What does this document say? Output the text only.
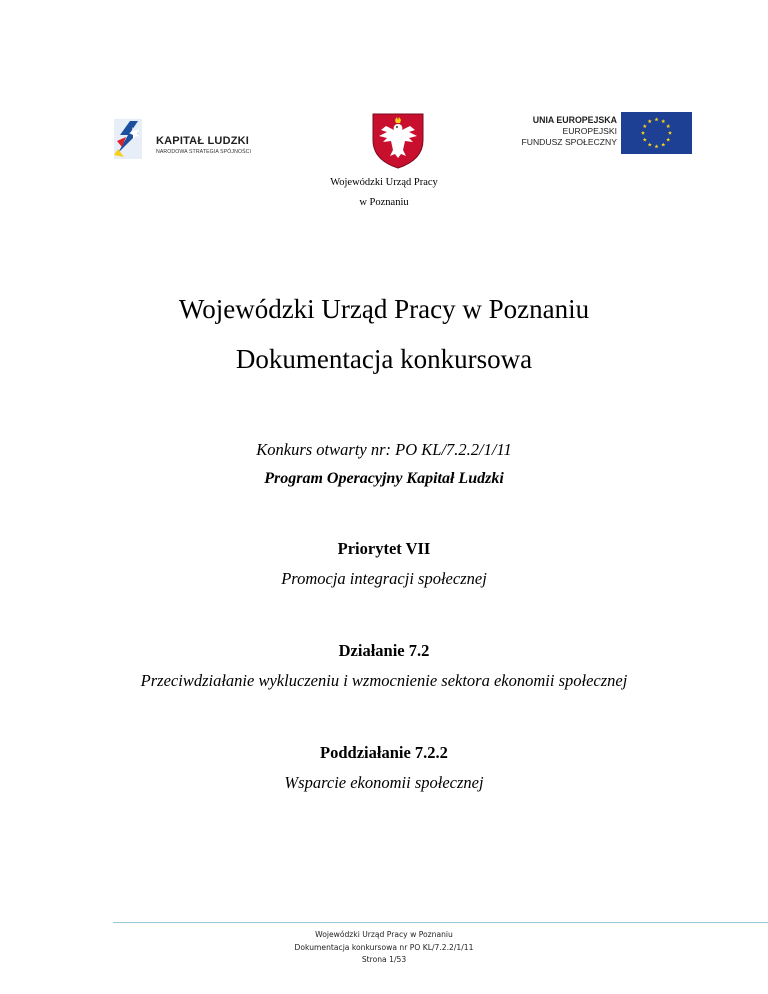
KAPITAŁ LUDZKI
NARODOWA STRATEGIA SPÓJNOŚCI
UNIA EUROPEJSKA
EUROPEJSKI
FUNDUSZ SPOŁECZNY
Wojewódzki Urząd Pracy
w Poznaniu
Wojewódzki Urząd Pracy w Poznaniu
Dokumentacja konkursowa
Konkurs otwarty nr: PO KL/7.2.2/1/11
Program Operacyjny Kapitał Ludzki
Priorytet VII
Promocja integracji społecznej
Działanie 7.2
Przeciwdziałanie wykluczeniu i wzmocnienie sektora ekonomii społecznej
Poddziałanie 7.2.2
Wsparcie ekonomii społecznej
Wojewódzki Urząd Pracy w Poznaniu
Dokumentacja konkursowa nr PO KL/7.2.2/1/11
Strona 1/53
